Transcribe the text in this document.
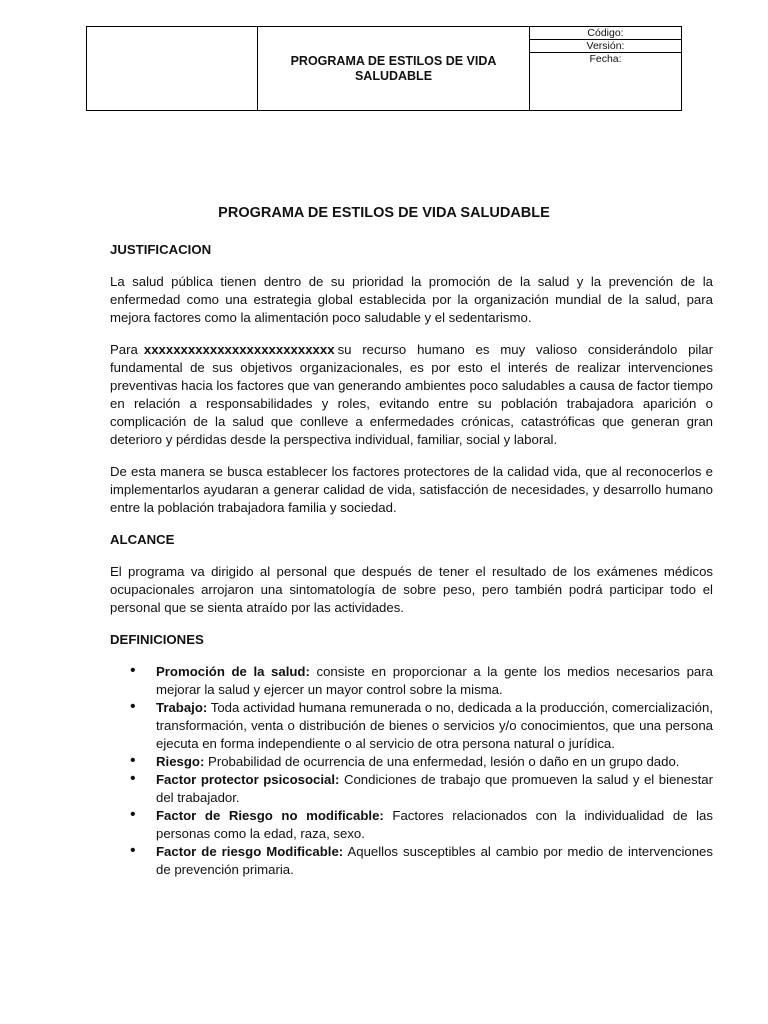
PROGRAMA DE ESTILOS DE VIDA SALUDABLE
Código:
Versión:
Fecha:
PROGRAMA DE ESTILOS DE VIDA SALUDABLE
JUSTIFICACION

La salud pública tienen dentro de su prioridad la promoción de la salud y la prevención de la enfermedad como una estrategia global establecida por la organización mundial de la salud, para mejora factores como la alimentación poco saludable y el sedentarismo.

Para xxxxxxxxxxxxxxxxxxxxxxxxxx su recurso humano es muy valioso considerándolo pilar fundamental de sus objetivos organizacionales, es por esto el interés de realizar intervenciones preventivas hacia los factores que van generando ambientes poco saludables a causa de factor tiempo en relación a responsabilidades y roles, evitando entre su población trabajadora aparición o complicación de la salud que conlleve a enfermedades crónicas, catastróficas que generan gran deterioro y pérdidas desde la perspectiva individual, familiar, social y laboral.

De esta manera se busca establecer los factores protectores de la calidad vida, que al reconocerlos e implementarlos ayudaran a generar calidad de vida, satisfacción de necesidades, y desarrollo humano entre la población trabajadora familia y sociedad.

ALCANCE

El programa va dirigido al personal que después de tener el resultado de los exámenes médicos ocupacionales arrojaron una sintomatología de sobre peso, pero también podrá participar todo el personal que se sienta atraído por las actividades.

DEFINICIONES
• Promoción de la salud: consiste en proporcionar a la gente los medios necesarios para mejorar la salud y ejercer un mayor control sobre la misma.
• Trabajo: Toda actividad humana remunerada o no, dedicada a la producción, comercialización, transformación, venta o distribución de bienes o servicios y/o conocimientos, que una persona ejecuta en forma independiente o al servicio de otra persona natural o jurídica.
• Riesgo: Probabilidad de ocurrencia de una enfermedad, lesión o daño en un grupo dado.
• Factor protector psicosocial: Condiciones de trabajo que promueven la salud y el bienestar del trabajador.
• Factor de Riesgo no modificable: Factores relacionados con la individualidad de las personas como la edad, raza, sexo.
• Factor de riesgo Modificable: Aquellos susceptibles al cambio por medio de intervenciones de prevención primaria.
